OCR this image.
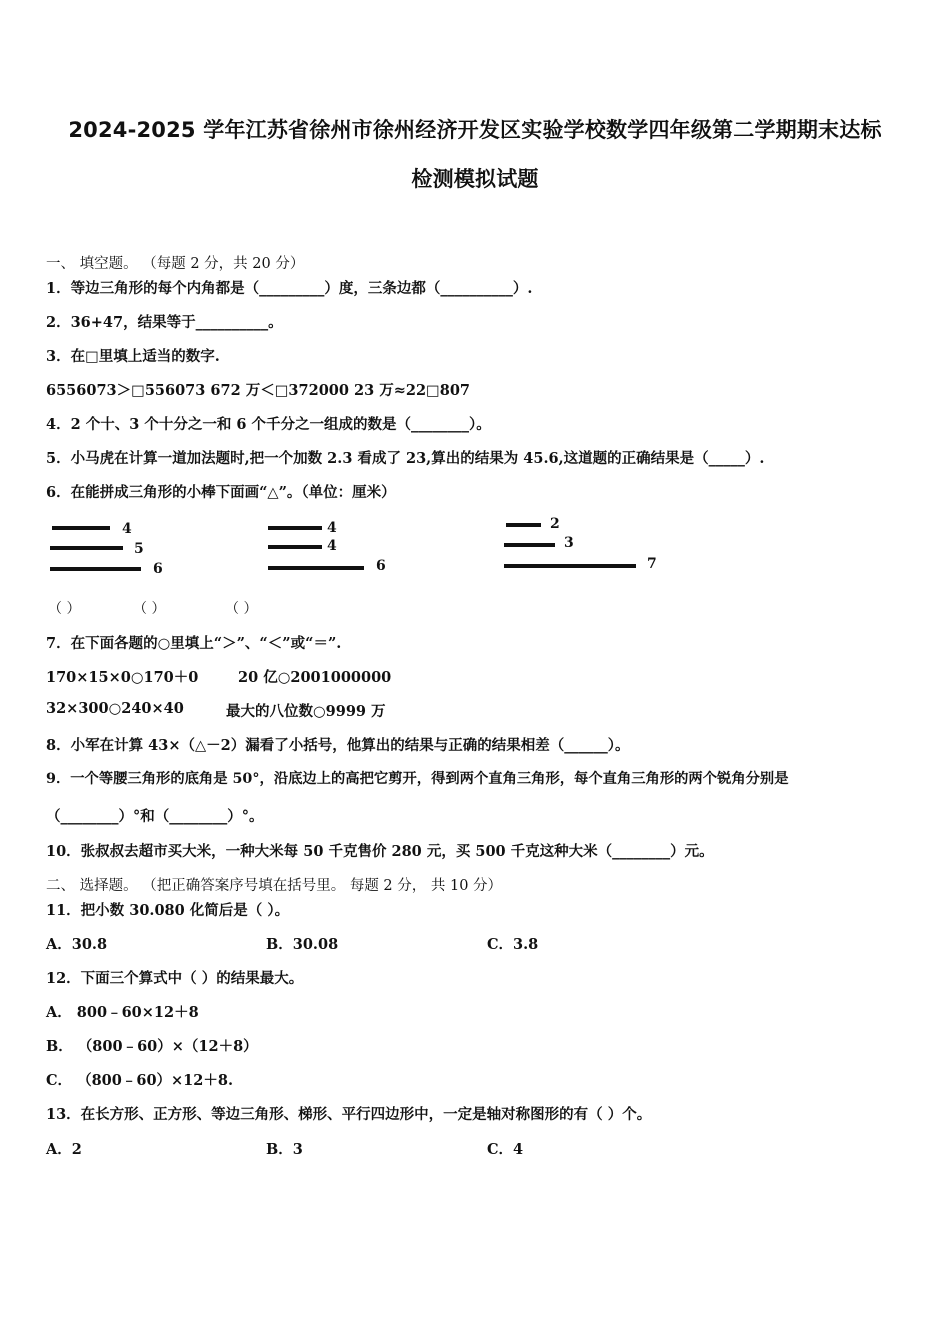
2024-2025 学年江苏省徐州市徐州经济开发区实验学校数学四年级第二学期期末达标
检测模拟试题
一、 填空题。 （每题 2 分，共 20 分）
1．等边三角形的每个内角都是（_________）度，三条边都（__________）.
2．36+47，结果等于__________。
3．在□里填上适当的数字.
6556073＞□556073 672 万＜□372000 23 万≈22□807
4．2 个十、3 个十分之一和 6 个千分之一组成的数是（________）。
5．小马虎在计算一道加法题时,把一个加数 2.3 看成了 23,算出的结果为 45.6,这道题的正确结果是（_____）.
6．在能拼成三角形的小棒下面画“△”。（单位：厘米）
4
5
6
4
4
6
2
3
7
（ ）	（ ）	（ ）
7．在下面各题的○里填上“＞”、“＜”或“＝”.
170×15×0○170＋0	20 亿○2001000000
32×300○240×40	最大的八位数○9999 万
8．小军在计算 43×（△－2）漏看了小括号，他算出的结果与正确的结果相差（______）。
9．一个等腰三角形的底角是 50°，沿底边上的高把它剪开，得到两个直角三角形，每个直角三角形的两个锐角分别是
（________）°和（________）°。
10．张叔叔去超市买大米，一种大米每 50 千克售价 280 元，买 500 千克这种大米（________）元。
二、 选择题。 （把正确答案序号填在括号里。 每题 2 分， 共 10 分）
11．把小数 30.080 化简后是（ ）。
A．30.8	B．30.08	C．3.8
12．下面三个算式中（ ）的结果最大。
A． 800﹣60×12＋8
B． （800﹣60）×（12＋8）
C． （800﹣60）×12＋8.
13．在长方形、正方形、等边三角形、梯形、平行四边形中，一定是轴对称图形的有（ ）个。
A．2	B．3	C．4
